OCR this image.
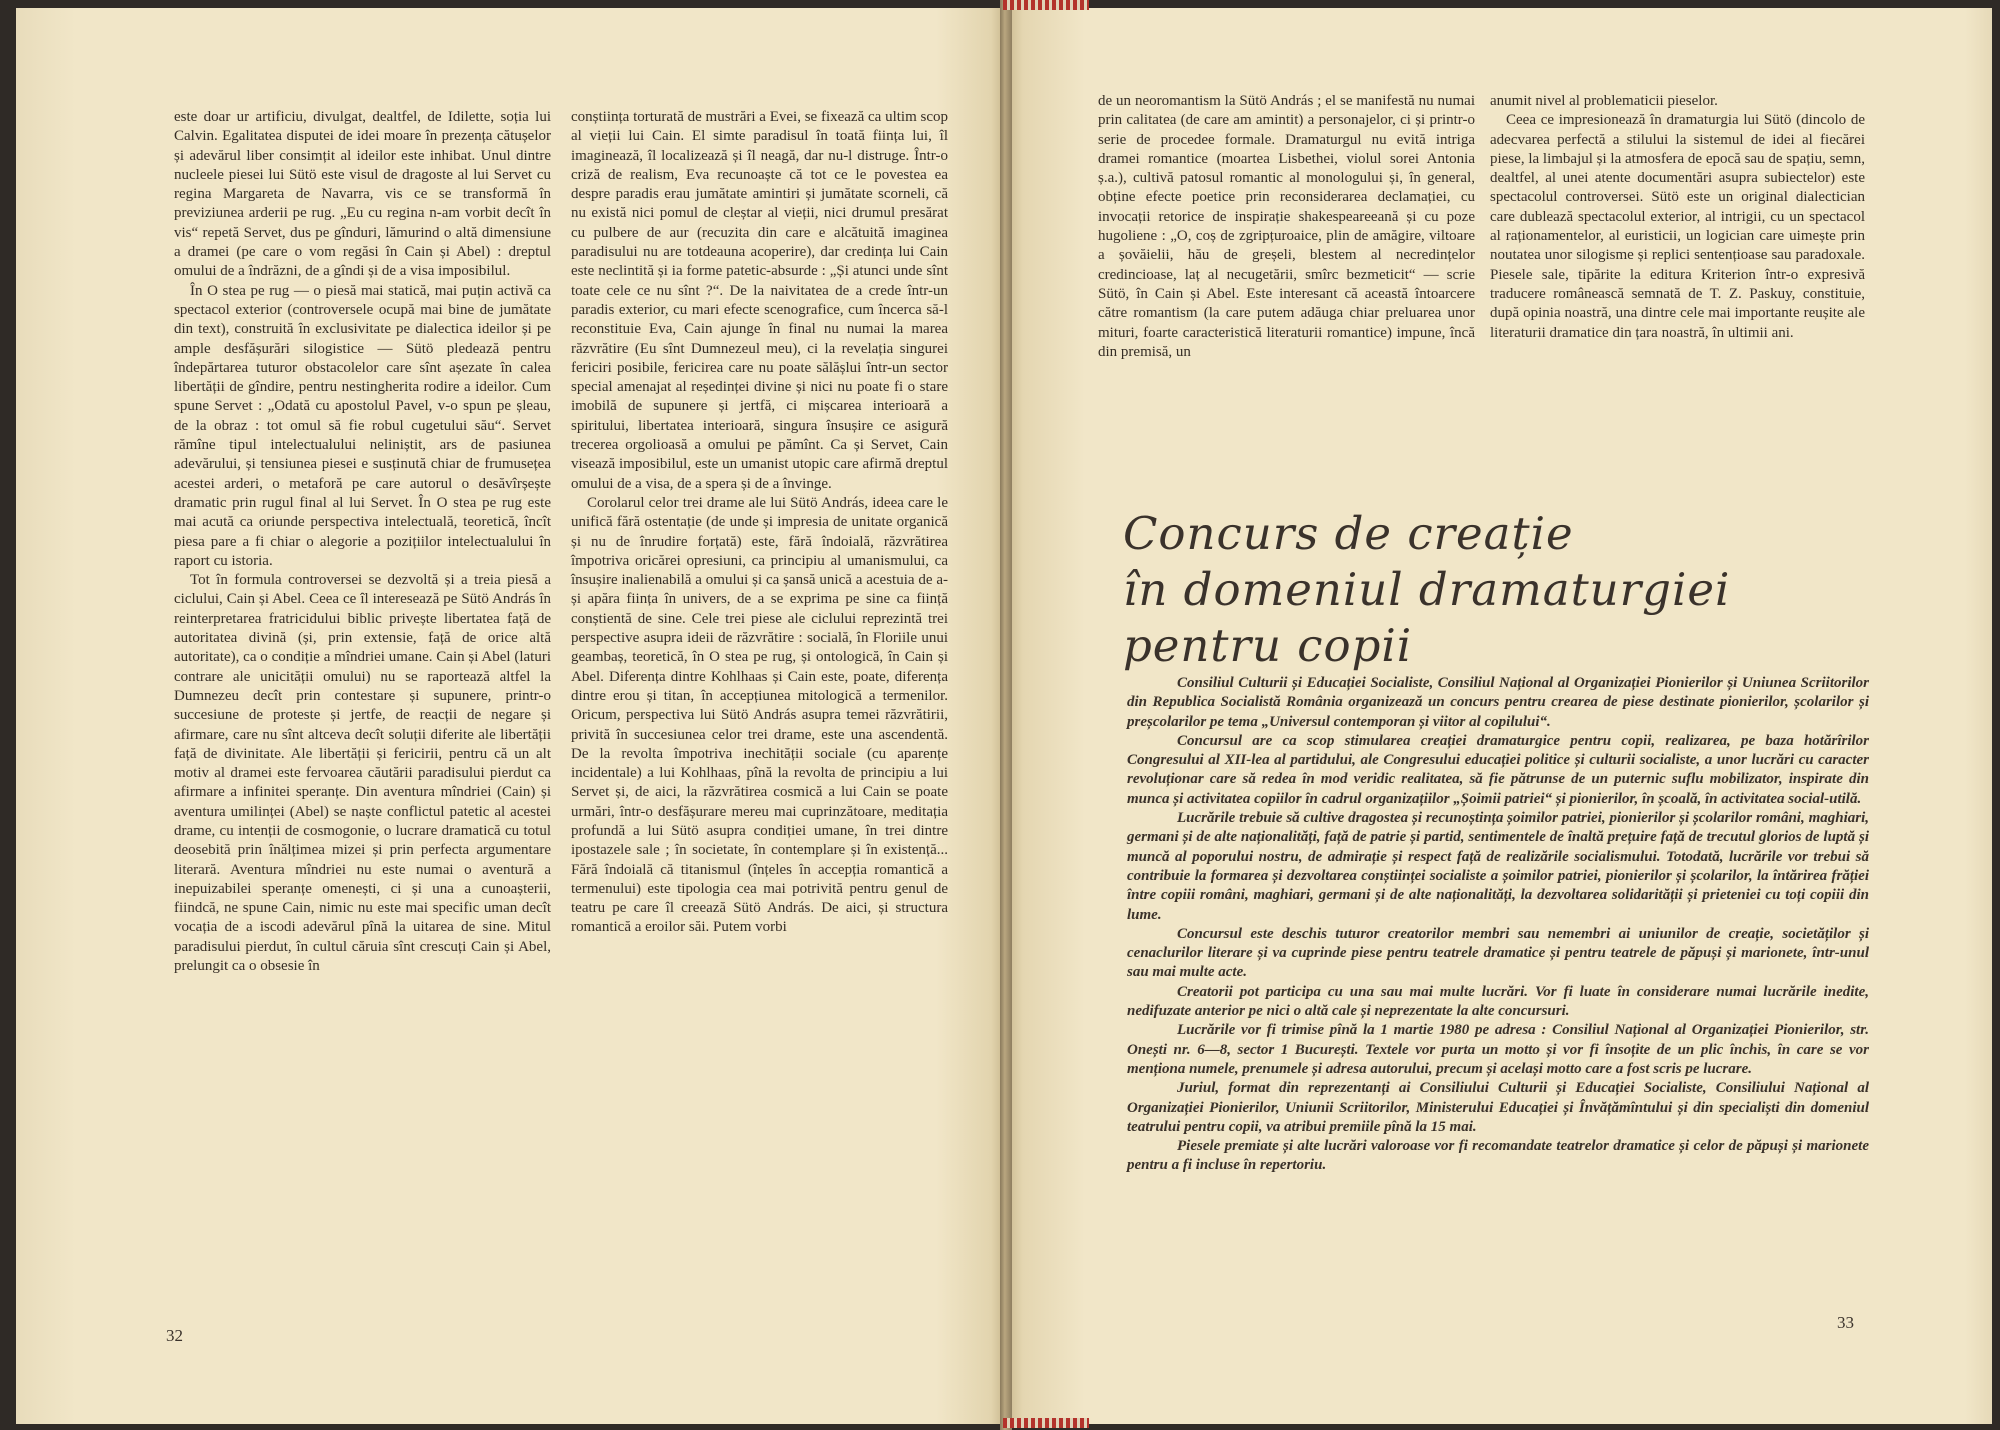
este doar ur artificiu, divulgat, dealtfel, de Idilette, soția lui Calvin. Egalitatea disputei de idei moare în prezența cătușelor și adevărul liber consimțit al ideilor este inhibat. Unul dintre nucleele piesei lui Sütö este visul de dragoste al lui Servet cu regina Margareta de Navarra, vis ce se transformă în previziunea arderii pe rug. „Eu cu regina n-am vorbit decît în vis“ repetă Servet, dus pe gînduri, lămurind o altă dimensiune a dramei (pe care o vom regăsi în Cain și Abel) : dreptul omului de a îndrăzni, de a gîndi și de a visa imposibilul.

În O stea pe rug — o piesă mai statică, mai puțin activă ca spectacol exterior (controversele ocupă mai bine de jumătate din text), construită în exclusivitate pe dialectica ideilor și pe ample desfășurări silogistice — Sütö pledează pentru îndepărtarea tuturor obstacolelor care sînt așezate în calea libertății de gîndire, pentru nestingherita rodire a ideilor. Cum spune Servet : „Odată cu apostolul Pavel, v-o spun pe șleau, de la obraz : tot omul să fie robul cugetului său“. Servet rămîne tipul intelectualului neliniștit, ars de pasiunea adevărului, și tensiunea piesei e susținută chiar de frumusețea acestei arderi, o metaforă pe care autorul o desăvîrșește dramatic prin rugul final al lui Servet. În O stea pe rug este mai acută ca oriunde perspectiva intelectuală, teoretică, încît piesa pare a fi chiar o alegorie a pozițiilor intelectualului în raport cu istoria.

Tot în formula controversei se dezvoltă și a treia piesă a ciclului, Cain și Abel. Ceea ce îl interesează pe Sütö András în reinterpretarea fratricidului biblic privește libertatea față de autoritatea divină (și, prin extensie, față de orice altă autoritate), ca o condiție a mîndriei umane. Cain și Abel (laturi contrare ale unicității omului) nu se raportează altfel la Dumnezeu decît prin contestare și supunere, printr-o succesiune de proteste și jertfe, de reacții de negare și afirmare, care nu sînt altceva decît soluții diferite ale libertății față de divinitate. Ale libertății și fericirii, pentru că un alt motiv al dramei este fervoarea căutării paradisului pierdut ca afirmare a infinitei speranțe. Din aventura mîndriei (Cain) și aventura umilinței (Abel) se naște conflictul patetic al acestei drame, cu intenții de cosmogonie, o lucrare dramatică cu totul deosebită prin înălțimea mizei și prin perfecta argumentare literară. Aventura mîndriei nu este numai o aventură a inepuizabilei speranțe omenești, ci și una a cunoașterii, fiindcă, ne spune Cain, nimic nu este mai specific uman decît vocația de a iscodi adevărul pînă la uitarea de sine. Mitul paradisului pierdut, în cultul căruia sînt crescuți Cain și Abel, prelungit ca o obsesie în

conștiința torturată de mustrări a Evei, se fixează ca ultim scop al vieții lui Cain. El simte paradisul în toată ființa lui, îl imaginează, îl localizează și îl neagă, dar nu-l distruge. Într-o criză de realism, Eva recunoaște că tot ce le povestea ea despre paradis erau jumătate amintiri și jumătate scorneli, că nu există nici pomul de cleștar al vieții, nici drumul presărat cu pulbere de aur (recuzita din care e alcătuită imaginea paradisului nu are totdeauna acoperire), dar credința lui Cain este neclintită și ia forme patetic-absurde : „Și atunci unde sînt toate cele ce nu sînt ?“. De la naivitatea de a crede într-un paradis exterior, cu mari efecte scenografice, cum încerca să-l reconstituie Eva, Cain ajunge în final nu numai la marea răzvrătire (Eu sînt Dumnezeul meu), ci la revelația singurei fericiri posibile, fericirea care nu poate sălășlui într-un sector special amenajat al reședinței divine și nici nu poate fi o stare imobilă de supunere și jertfă, ci mișcarea interioară a spiritului, libertatea interioară, singura însușire ce asigură trecerea orgolioasă a omului pe pămînt. Ca și Servet, Cain visează imposibilul, este un umanist utopic care afirmă dreptul omului de a visa, de a spera și de a învinge.

Corolarul celor trei drame ale lui Sütö András, ideea care le unifică fără ostentație (de unde și impresia de unitate organică și nu de înrudire forțată) este, fără îndoială, răzvrătirea împotriva oricărei opresiuni, ca principiu al umanismului, ca însușire inalienabilă a omului și ca șansă unică a acestuia de a-și apăra ființa în univers, de a se exprima pe sine ca ființă conștientă de sine. Cele trei piese ale ciclului reprezintă trei perspective asupra ideii de răzvrătire : socială, în Floriile unui geambaș, teoretică, în O stea pe rug, și ontologică, în Cain și Abel. Diferența dintre Kohlhaas și Cain este, poate, diferența dintre erou și titan, în accepțiunea mitologică a termenilor. Oricum, perspectiva lui Sütö András asupra temei răzvrătirii, privită în succesiunea celor trei drame, este una ascendentă. De la revolta împotriva inechității sociale (cu aparențe incidentale) a lui Kohlhaas, pînă la revolta de principiu a lui Servet și, de aici, la răzvrătirea cosmică a lui Cain se poate urmări, într-o desfășurare mereu mai cuprinzătoare, meditația profundă a lui Sütö asupra condiției umane, în trei dintre ipostazele sale ; în societate, în contemplare și în existență... Fără îndoială că titanismul (înțeles în accepția romantică a termenului) este tipologia cea mai potrivită pentru genul de teatru pe care îl creează Sütö András. De aici, și structura romantică a eroilor săi. Putem vorbi

32

de un neoromantism la Sütö András ; el se manifestă nu numai prin calitatea (de care am amintit) a personajelor, ci și printr-o serie de procedee formale. Dramaturgul nu evită intriga dramei romantice (moartea Lisbethei, violul sorei Antonia ș.a.), cultivă patosul romantic al monologului și, în general, obține efecte poetice prin reconsiderarea declamației, cu invocații retorice de inspirație shakespeareeană și cu poze hugoliene : „O, coș de zgripțuroaice, plin de amăgire, viltoare a șovăielii, hău de greșeli, blestem al necredințelor credincioase, laț al necugetării, smîrc bezmeticit“ — scrie Sütö, în Cain și Abel. Este interesant că această întoarcere către romantism (la care putem adăuga chiar preluarea unor mituri, foarte caracteristică literaturii romantice) impune, încă din premisă, un

anumit nivel al problematicii pieselor.

Ceea ce impresionează în dramaturgia lui Sütö (dincolo de adecvarea perfectă a stilului la sistemul de idei al fiecărei piese, la limbajul și la atmosfera de epocă sau de spațiu, semn, dealtfel, al unei atente documentări asupra subiectelor) este spectacolul controversei. Sütö este un original dialectician care dublează spectacolul exterior, al intrigii, cu un spectacol al raționamentelor, al euristicii, un logician care uimește prin noutatea unor silogisme și replici sentențioase sau paradoxale. Piesele sale, tipărite la editura Kriterion într-o expresivă traducere românească semnată de T. Z. Paskuy, constituie, după opinia noastră, una dintre cele mai importante reușite ale literaturii dramatice din țara noastră, în ultimii ani.

Concurs de creație
în domeniul dramaturgiei
pentru copii

Consiliul Culturii și Educației Socialiste, Consiliul Național al Organizației Pionierilor și Uniunea Scriitorilor din Republica Socialistă România organizează un concurs pentru crearea de piese destinate pionierilor, școlarilor și preșcolarilor pe tema „Universul contemporan și viitor al copilului“.

Concursul are ca scop stimularea creației dramaturgice pentru copii, realizarea, pe baza hotărîrilor Congresului al XII-lea al partidului, ale Congresului educației politice și culturii socialiste, a unor lucrări cu caracter revoluționar care să redea în mod veridic realitatea, să fie pătrunse de un puternic suflu mobilizator, inspirate din munca și activitatea copiilor în cadrul organizațiilor „Șoimii patriei“ și pionierilor, în școală, în activitatea social-utilă.

Lucrările trebuie să cultive dragostea și recunoștința șoimilor patriei, pionierilor și școlarilor români, maghiari, germani și de alte naționalități, față de patrie și partid, sentimentele de înaltă prețuire față de trecutul glorios de luptă și muncă al poporului nostru, de admirație și respect față de realizările socialismului. Totodată, lucrările vor trebui să contribuie la formarea și dezvoltarea conștiinței socialiste a șoimilor patriei, pionierilor și școlarilor, la întărirea frăției între copiii români, maghiari, germani și de alte naționalități, la dezvoltarea solidarității și prieteniei cu toți copiii din lume.

Concursul este deschis tuturor creatorilor membri sau nemembri ai uniunilor de creație, societăților și cenaclurilor literare și va cuprinde piese pentru teatrele dramatice și pentru teatrele de păpuși și marionete, într-unul sau mai multe acte.

Creatorii pot participa cu una sau mai multe lucrări. Vor fi luate în considerare numai lucrările inedite, nedifuzate anterior pe nici o altă cale și neprezentate la alte concursuri.

Lucrările vor fi trimise pînă la 1 martie 1980 pe adresa : Consiliul Național al Organizației Pionierilor, str. Onești nr. 6—8, sector 1 București. Textele vor purta un motto și vor fi însoțite de un plic închis, în care se vor menționa numele, prenumele și adresa autorului, precum și același motto care a fost scris pe lucrare.

Juriul, format din reprezentanți ai Consiliului Culturii și Educației Socialiste, Consiliului Național al Organizației Pionierilor, Uniunii Scriitorilor, Ministerului Educației și Învățămîntului și din specialiști din domeniul teatrului pentru copii, va atribui premiile pînă la 15 mai.

Piesele premiate și alte lucrări valoroase vor fi recomandate teatrelor dramatice și celor de păpuși și marionete pentru a fi incluse în repertoriu.

33
